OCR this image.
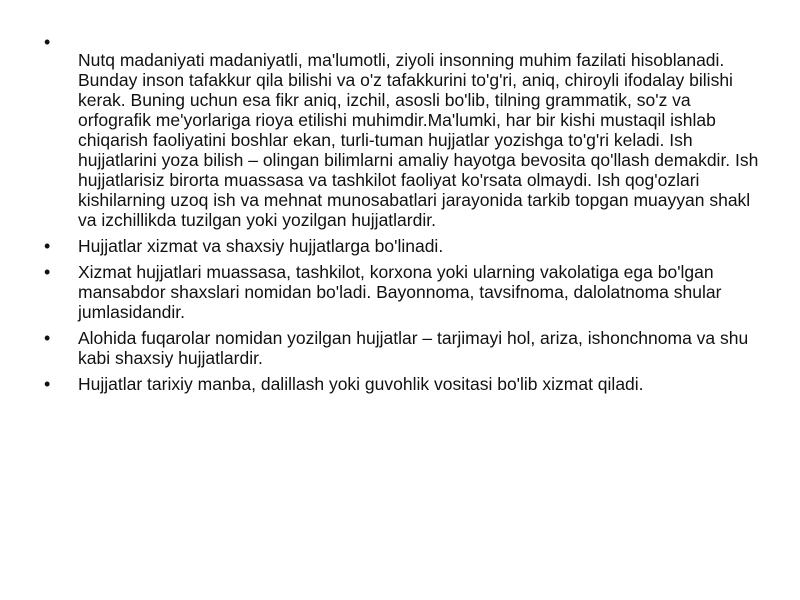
•
Nutq madaniyati madaniyatli, ma'lumotli, ziyoli insonning muhim fazilati hisoblanadi. Bunday inson tafakkur qila bilishi va o'z tafakkurini to'g'ri, aniq, chiroyli ifodalay bilishi kerak. Buning uchun esa fikr aniq, izchil, asosli bo'lib, tilning grammatik, so'z va orfografik me'yorlariga rioya etilishi muhimdir.Ma'lumki, har bir kishi mustaqil ishlab chiqarish faoliyatini boshlar ekan, turli-tuman hujjatlar yozishga to'g'ri keladi. Ish hujjatlarini yoza bilish – olingan bilimlarni amaliy hayotga bevosita qo'llash demakdir. Ish hujjatlarisiz birorta muassasa va tashkilot faoliyat ko'rsata olmaydi. Ish qog'ozlari kishilarning uzoq ish va mehnat munosabatlari jarayonida tarkib topgan muayyan shakl va izchillikda tuzilgan yoki yozilgan hujjatlardir.
•	Hujjatlar xizmat va shaxsiy hujjatlarga bo'linadi.
•	Xizmat hujjatlari muassasa, tashkilot, korxona yoki ularning vakolatiga ega bo'lgan mansabdor shaxslari nomidan bo'ladi. Bayonnoma, tavsifnoma, dalolatnoma shular jumlasidandir.
•	Alohida fuqarolar nomidan yozilgan hujjatlar – tarjimayi hol, ariza, ishonchnoma va shu kabi shaxsiy hujjatlardir.
•	Hujjatlar tarixiy manba, dalillash yoki guvohlik vositasi bo'lib xizmat qiladi.
